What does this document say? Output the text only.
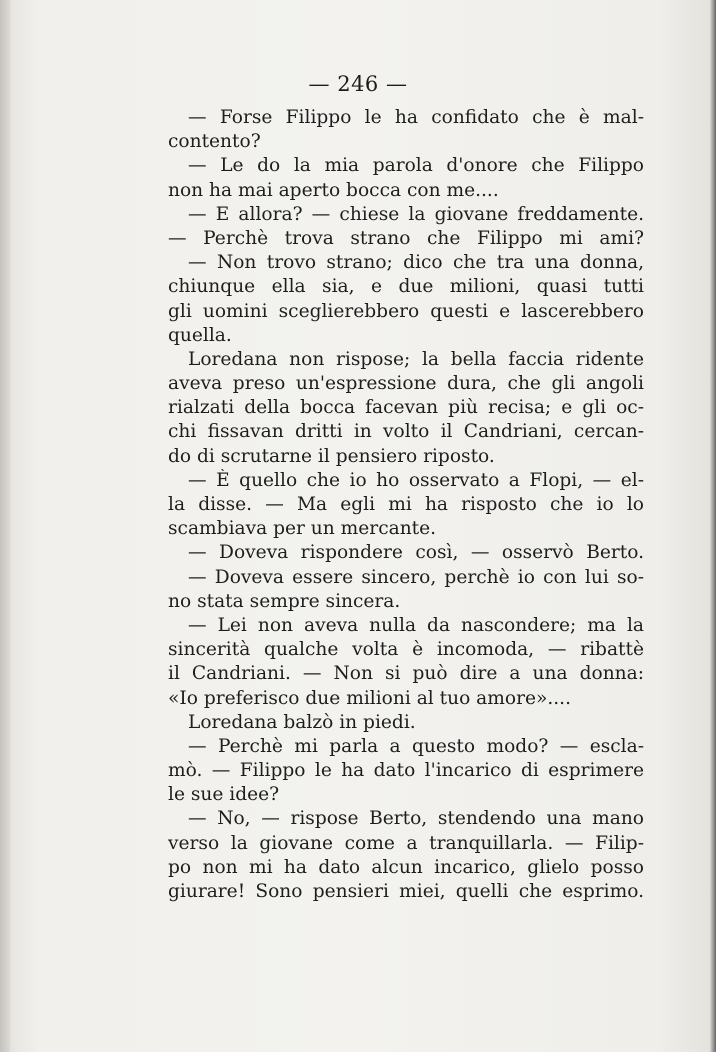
— 246 —
— Forse Filippo le ha confidato che è mal-
contento?
— Le do la mia parola d'onore che Filippo
non ha mai aperto bocca con me....
— E allora? — chiese la giovane freddamente.
— Perchè trova strano che Filippo mi ami?
— Non trovo strano; dico che tra una donna,
chiunque ella sia, e due milioni, quasi tutti
gli uomini sceglierebbero questi e lascerebbero
quella.
Loredana non rispose; la bella faccia ridente
aveva preso un'espressione dura, che gli angoli
rialzati della bocca facevan più recisa; e gli oc-
chi fissavan dritti in volto il Candriani, cercan-
do di scrutarne il pensiero riposto.
— È quello che io ho osservato a Flopi, — el-
la disse. — Ma egli mi ha risposto che io lo
scambiava per un mercante.
— Doveva rispondere così, — osservò Berto.
— Doveva essere sincero, perchè io con lui so-
no stata sempre sincera.
— Lei non aveva nulla da nascondere; ma la
sincerità qualche volta è incomoda, — ribattè
il Candriani. — Non si può dire a una donna:
«Io preferisco due milioni al tuo amore»....
Loredana balzò in piedi.
— Perchè mi parla a questo modo? — escla-
mò. — Filippo le ha dato l'incarico di esprimere
le sue idee?
— No, — rispose Berto, stendendo una mano
verso la giovane come a tranquillarla. — Filip-
po non mi ha dato alcun incarico, glielo posso
giurare! Sono pensieri miei, quelli che esprimo.
